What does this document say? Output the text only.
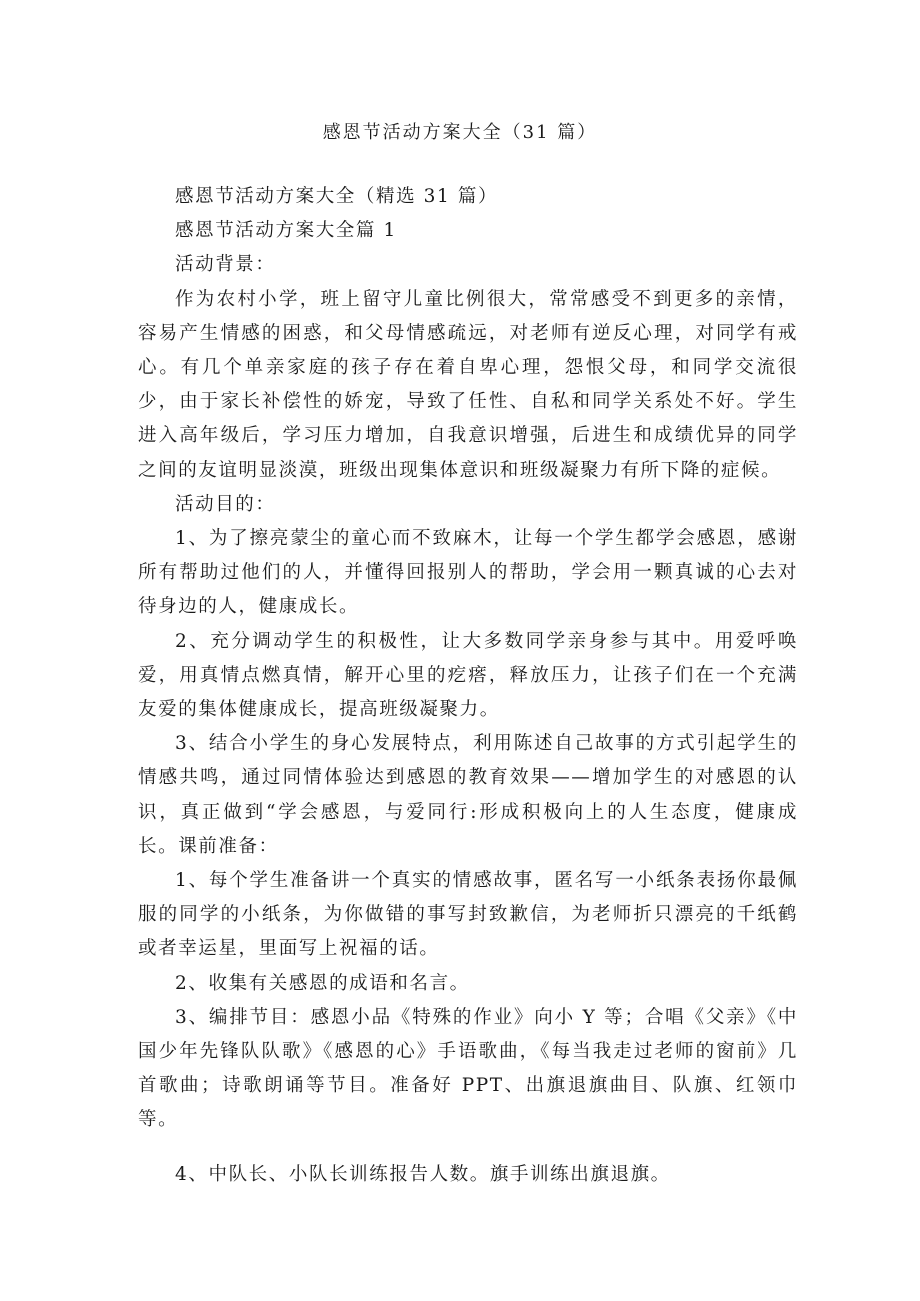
感恩节活动方案大全（31 篇）

感恩节活动方案大全（精选 31 篇）

感恩节活动方案大全篇 1

活动背景：

作为农村小学，班上留守儿童比例很大，常常感受不到更多的亲情，容易产生情感的困惑，和父母情感疏远，对老师有逆反心理，对同学有戒心。有几个单亲家庭的孩子存在着自卑心理，怨恨父母，和同学交流很少，由于家长补偿性的娇宠，导致了任性、自私和同学关系处不好。学生进入高年级后，学习压力增加，自我意识增强，后进生和成绩优异的同学之间的友谊明显淡漠，班级出现集体意识和班级凝聚力有所下降的症候。

活动目的：

1、为了擦亮蒙尘的童心而不致麻木，让每一个学生都学会感恩，感谢所有帮助过他们的人，并懂得回报别人的帮助，学会用一颗真诚的心去对待身边的人，健康成长。

2、充分调动学生的积极性，让大多数同学亲身参与其中。用爱呼唤爱，用真情点燃真情，解开心里的疙瘩，释放压力，让孩子们在一个充满友爱的集体健康成长，提高班级凝聚力。

3、结合小学生的身心发展特点，利用陈述自己故事的方式引起学生的情感共鸣，通过同情体验达到感恩的教育效果——增加学生的对感恩的认识，真正做到“学会感恩，与爱同行:形成积极向上的人生态度，健康成长。课前准备：

1、每个学生准备讲一个真实的情感故事，匿名写一小纸条表扬你最佩服的同学的小纸条，为你做错的事写封致歉信，为老师折只漂亮的千纸鹤或者幸运星，里面写上祝福的话。

2、收集有关感恩的成语和名言。

3、编排节目：感恩小品《特殊的作业》向小 Y 等；合唱《父亲》《中国少年先锋队队歌》《感恩的心》手语歌曲，《每当我走过老师的窗前》几首歌曲；诗歌朗诵等节目。准备好 PPT、出旗退旗曲目、队旗、红领巾等。

4、中队长、小队长训练报告人数。旗手训练出旗退旗。
